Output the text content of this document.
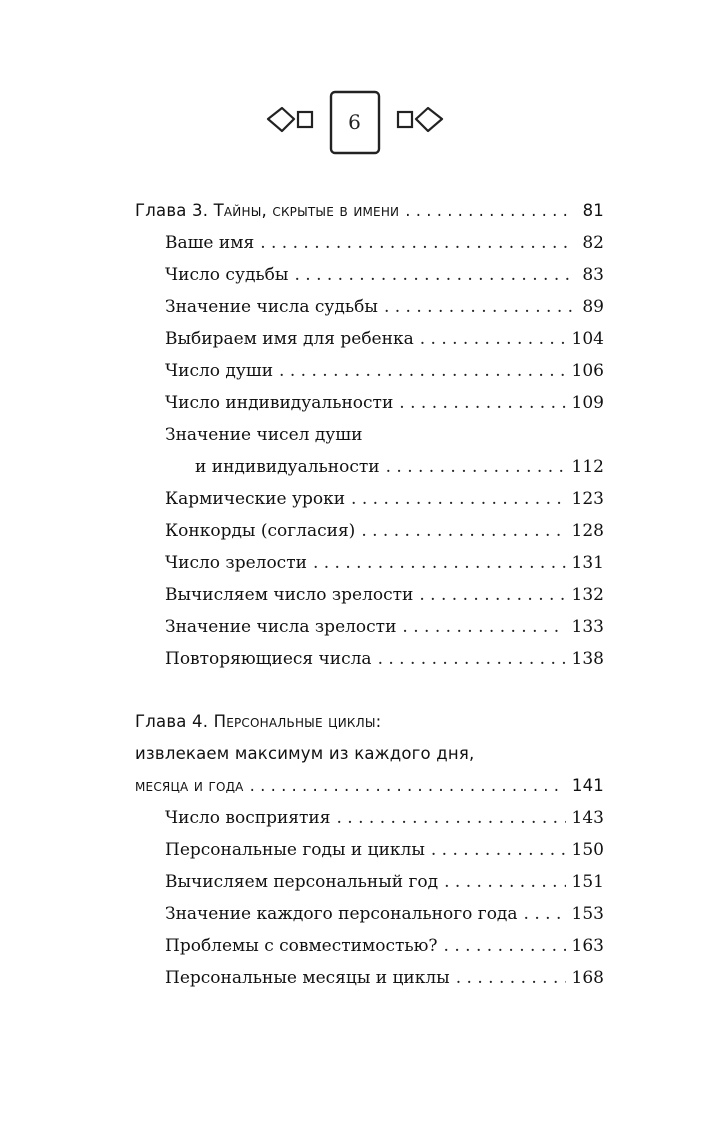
6
Глава 3. Тайны, скрытые в имени . . .	81
Ваше имя . . .	82
Число судьбы . . .	83
Значение числа судьбы . . .	89
Выбираем имя для ребенка . . .	104
Число души . . .	106
Число индивидуальности . . .	109
Значение чисел души
и индивидуальности . . .	112
Кармические уроки . . .	123
Конкорды (согласия) . . .	128
Число зрелости . . .	131
Вычисляем число зрелости . . .	132
Значение числа зрелости . . .	133
Повторяющиеся числа . . .	138
Глава 4. Персональные циклы:
извлекаем максимум из каждого дня,
месяца и года . . .	141
Число восприятия . . .	143
Персональные годы и циклы . . .	150
Вычисляем персональный год . . .	151
Значение каждого персонального года . . .	153
Проблемы с совместимостью? . . .	163
Персональные месяцы и циклы . . .	168
